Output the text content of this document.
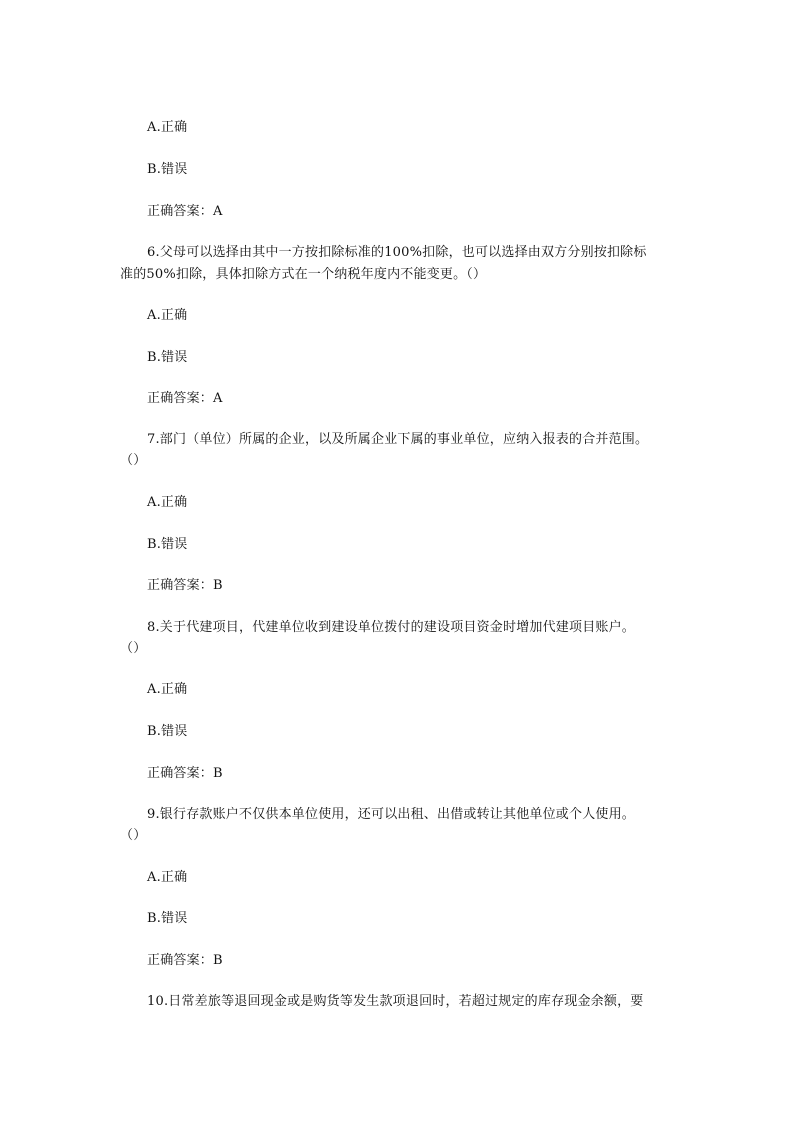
A.正确
B.错误
正确答案：A
6.父母可以选择由其中一方按扣除标准的100%扣除，也可以选择由双方分别按扣除标
准的50%扣除，具体扣除方式在一个纳税年度内不能变更。（）
A.正确
B.错误
正确答案：A
7.部门（单位）所属的企业，以及所属企业下属的事业单位，应纳入报表的合并范围。
（）
A.正确
B.错误
正确答案：B
8.关于代建项目，代建单位收到建设单位拨付的建设项目资金时增加代建项目账户。
（）
A.正确
B.错误
正确答案：B
9.银行存款账户不仅供本单位使用，还可以出租、出借或转让其他单位或个人使用。
（）
A.正确
B.错误
正确答案：B
10.日常差旅等退回现金或是购货等发生款项退回时，若超过规定的库存现金余额，要
